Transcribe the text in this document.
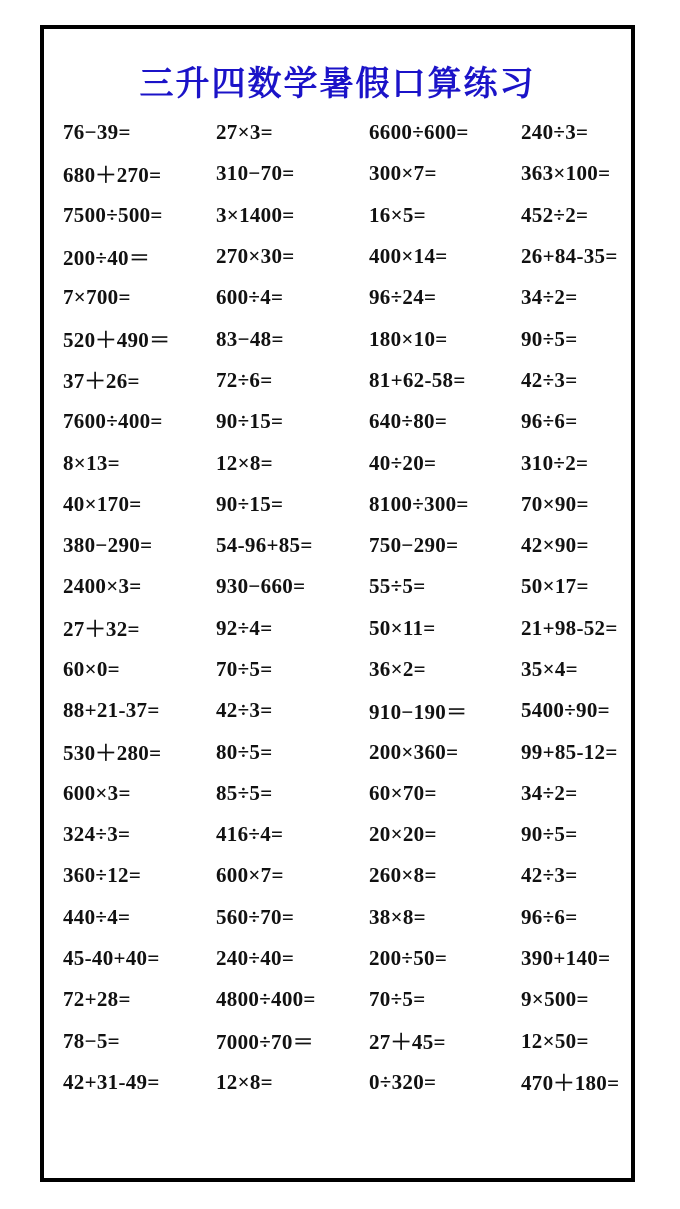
三升四数学暑假口算练习
76−39=	27×3=	6600÷600=	240÷3=
680＋270=	310−70=	300×7=	363×100=
7500÷500=	3×1400=	16×5=	452÷2=
200÷40＝	270×30=	400×14=	26+84-35=
7×700=	600÷4=	96÷24=	34÷2=
520＋490＝	83−48=	180×10=	90÷5=
37＋26=	72÷6=	81+62-58=	42÷3=
7600÷400=	90÷15=	640÷80=	96÷6=
8×13=	12×8=	40÷20=	310÷2=
40×170=	90÷15=	8100÷300=	70×90=
380−290=	54-96+85=	750−290=	42×90=
2400×3=	930−660=	55÷5=	50×17=
27＋32=	92÷4=	50×11=	21+98-52=
60×0=	70÷5=	36×2=	35×4=
88+21-37=	42÷3=	910−190＝	5400÷90=
530＋280=	80÷5=	200×360=	99+85-12=
600×3=	85÷5=	60×70=	34÷2=
324÷3=	416÷4=	20×20=	90÷5=
360÷12=	600×7=	260×8=	42÷3=
440÷4=	560÷70=	38×8=	96÷6=
45-40+40=	240÷40=	200÷50=	390+140=
72+28=	4800÷400=	70÷5=	9×500=
78−5=	7000÷70＝	27＋45=	12×50=
42+31-49=	12×8=	0÷320=	470＋180=
